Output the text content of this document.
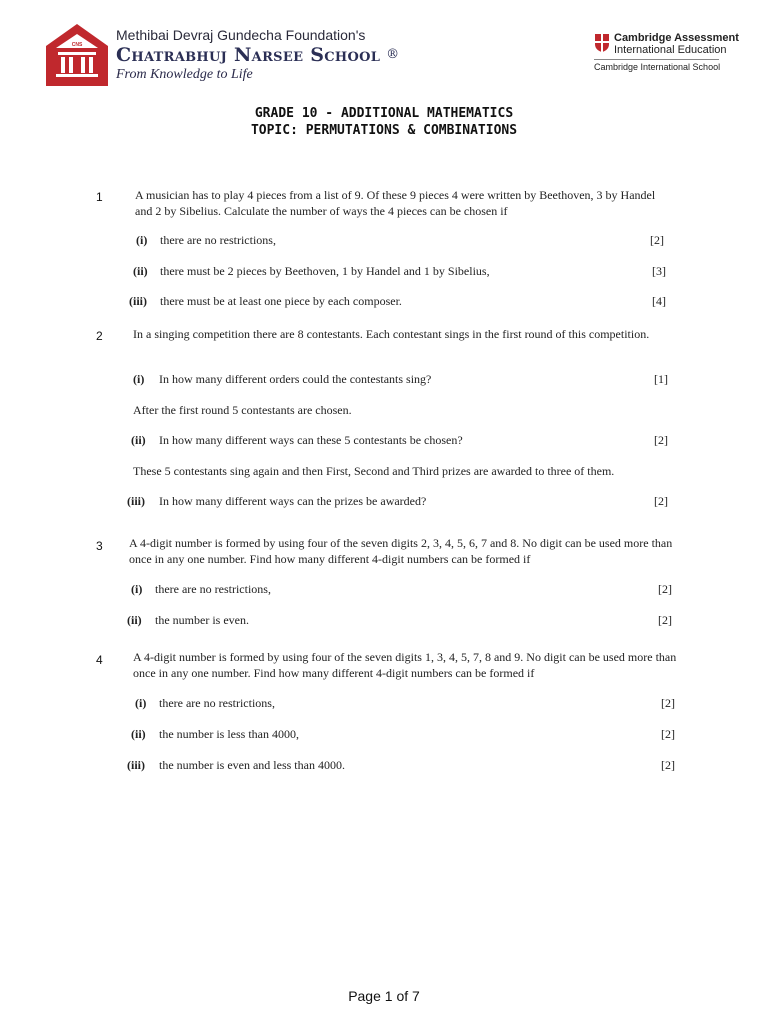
CNS

Methibai Devraj Gundecha Foundation's

Chatrabhuj Narsee School ®

From Knowledge to Life

Cambridge Assessment
International Education
Cambridge International School
GRADE 10 - ADDITIONAL MATHEMATICS
TOPIC: PERMUTATIONS & COMBINATIONS
1	A musician has to play 4 pieces from a list of 9. Of these 9 pieces 4 were written by Beethoven, 3 by Handel and 2 by Sibelius. Calculate the number of ways the 4 pieces can be chosen if
(i) there are no restrictions,	[2]
(ii) there must be 2 pieces by Beethoven, 1 by Handel and 1 by Sibelius,	[3]
(iii) there must be at least one piece by each composer.	[4]
2	In a singing competition there are 8 contestants. Each contestant sings in the first round of this competition.
(i) In how many different orders could the contestants sing?	[1]
After the first round 5 contestants are chosen.
(ii) In how many different ways can these 5 contestants be chosen?	[2]
These 5 contestants sing again and then First, Second and Third prizes are awarded to three of them.
(iii) In how many different ways can the prizes be awarded?	[2]
3 A 4-digit number is formed by using four of the seven digits 2, 3, 4, 5, 6, 7 and 8. No digit can be used more than once in any one number. Find how many different 4-digit numbers can be formed if
(i) there are no restrictions,	[2]
(ii) the number is even.	[2]
4	A 4-digit number is formed by using four of the seven digits 1, 3, 4, 5, 7, 8 and 9. No digit can be used more than once in any one number. Find how many different 4-digit numbers can be formed if
(i) there are no restrictions,	[2]
(ii) the number is less than 4000,	[2]
(iii) the number is even and less than 4000.	[2]
Page 1 of 7
